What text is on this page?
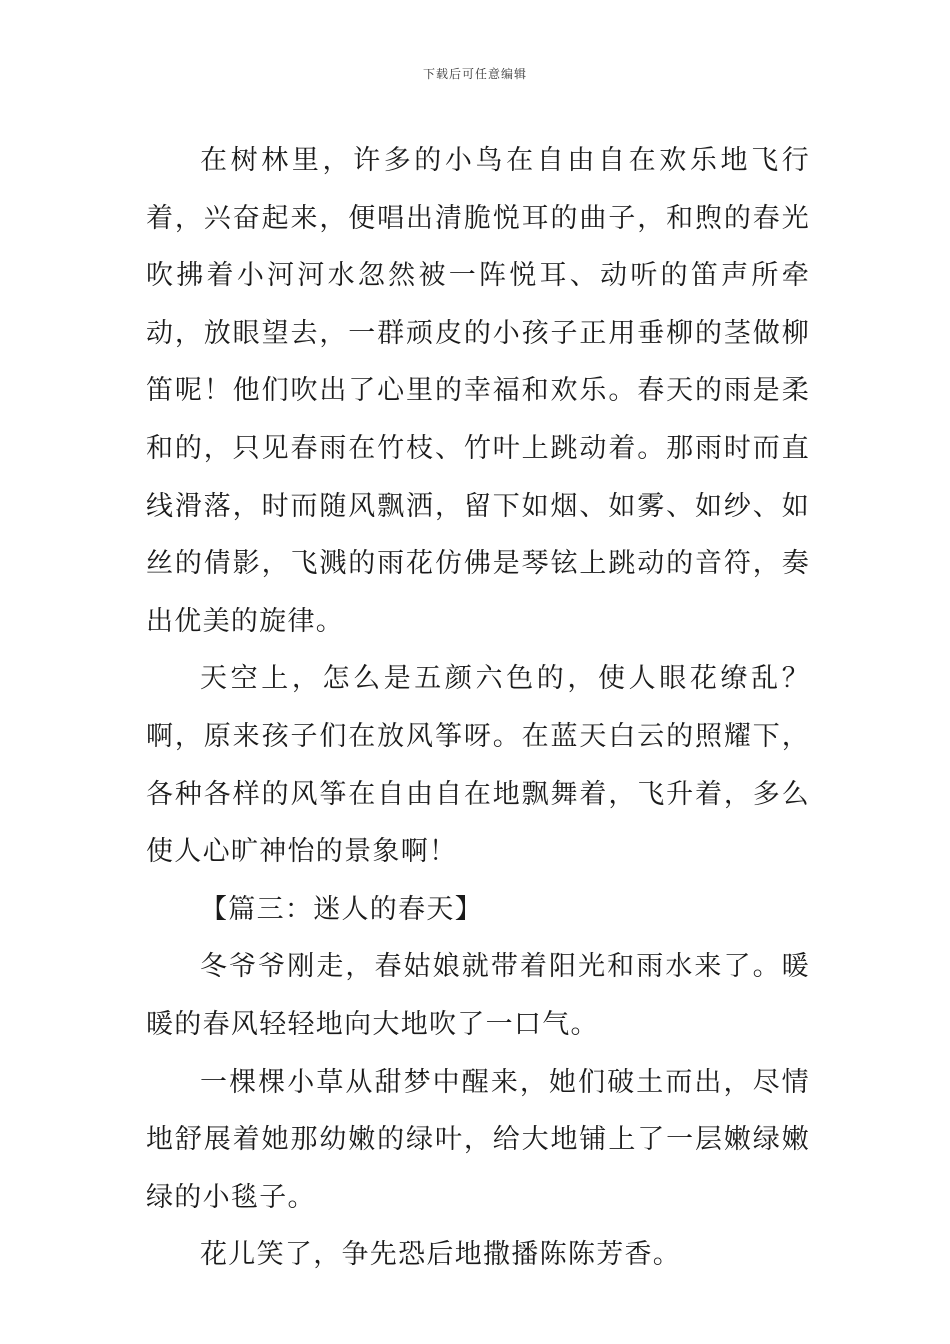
下载后可任意编辑

在树林里，许多的小鸟在自由自在欢乐地飞行着，兴奋起来，便唱出清脆悦耳的曲子，和煦的春光吹拂着小河河水忽然被一阵悦耳、动听的笛声所牵动，放眼望去，一群顽皮的小孩子正用垂柳的茎做柳笛呢！他们吹出了心里的幸福和欢乐。春天的雨是柔和的，只见春雨在竹枝、竹叶上跳动着。那雨时而直线滑落，时而随风飘洒，留下如烟、如雾、如纱、如丝的倩影，飞溅的雨花仿佛是琴铉上跳动的音符，奏出优美的旋律。

天空上，怎么是五颜六色的，使人眼花缭乱？啊，原来孩子们在放风筝呀。在蓝天白云的照耀下，各种各样的风筝在自由自在地飘舞着，飞升着，多么使人心旷神怡的景象啊！

【篇三：迷人的春天】

冬爷爷刚走，春姑娘就带着阳光和雨水来了。暖暖的春风轻轻地向大地吹了一口气。

一棵棵小草从甜梦中醒来，她们破土而出，尽情地舒展着她那幼嫩的绿叶，给大地铺上了一层嫩绿嫩绿的小毯子。

花儿笑了，争先恐后地撒播陈陈芳香。
